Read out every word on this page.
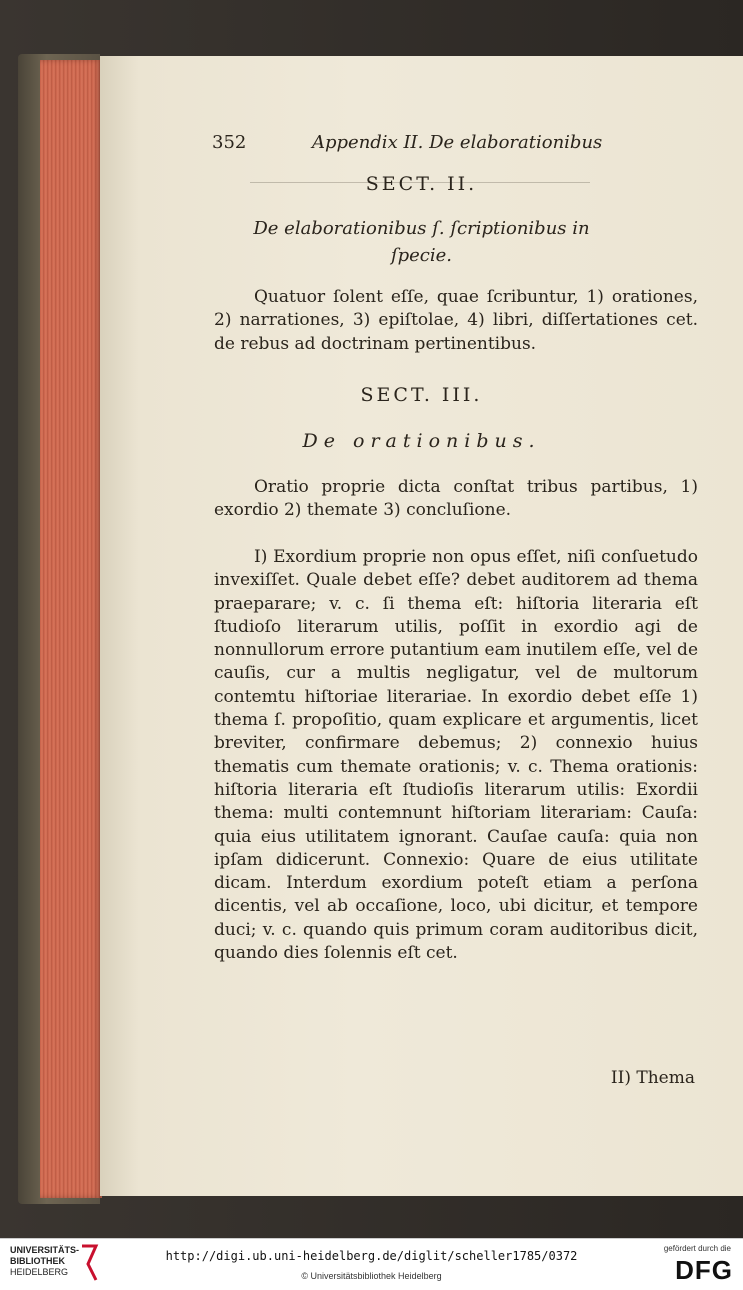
352	Appendix II. De elaborationibus
SECT. II.
De elaborationibus ſ. ſcriptionibus in
ſpecie.

Quatuor ſolent eſſe, quae ſcribuntur, 1) orationes, 2) narrationes, 3) epiſtolae, 4) libri, diſſertationes cet. de rebus ad doctrinam pertinentibus.

SECT. III.
De orationibus.

Oratio proprie dicta conſtat tribus partibus, 1) exordio 2) themate 3) concluſione.

I) Exordium proprie non opus eſſet, niſi conſuetudo invexiſſet. Quale debet eſſe? debet auditorem ad thema praeparare; v. c. ſi thema eſt: hiſtoria literaria eſt ſtudioſo literarum utilis, poſſit in exordio agi de nonnullorum errore putantium eam inutilem eſſe, vel de cauſis, cur a multis negligatur, vel de multorum contemtu hiſtoriae literariae. In exordio debet eſſe 1) thema ſ. propoſitio, quam explicare et argumentis, licet breviter, confirmare debemus; 2) connexio huius thematis cum themate orationis; v. c. Thema orationis: hiſtoria literaria eſt ſtudioſis literarum utilis: Exordii thema: multi contemnunt hiſtoriam literariam: Cauſa: quia eius utilitatem ignorant. Cauſae cauſa: quia non ipſam didicerunt. Connexio: Quare de eius utilitate dicam. Interdum exordium poteſt etiam a perſona dicentis, vel ab occaſione, loco, ubi dicitur, et tempore duci; v. c. quando quis primum coram auditoribus dicit, quando dies ſolennis eſt cet.

II) Thema
UNIVERSITÄTS-
BIBLIOTHEK
HEIDELBERG
http://digi.ub.uni-heidelberg.de/diglit/scheller1785/0372
© Universitätsbibliothek Heidelberg
gefördert durch die
DFG
